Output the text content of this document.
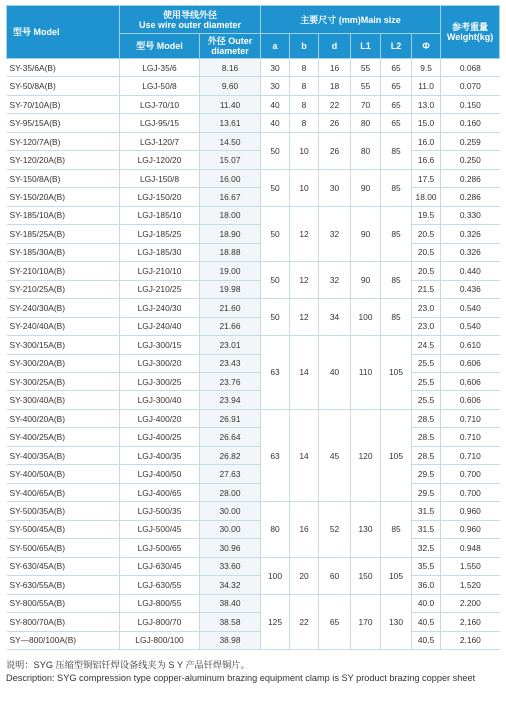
型号 Model	使用导线外径
Use wire outer diameter		主要尺寸 (mm)Main size						参考重量
Weight(kg)
	型号 Model	外径 Outer
diameter	a	b	d	L1	L2	Φ	
SY-35/6A(B)	LGJ-35/6	8.16	30	8	16	55	65	9.5	0.068
SY-50/8A(B)	LGJ-50/8	9.60	30	8	18	55	65	11.0	0.070
SY-70/10A(B)	LGJ-70/10	11.40	40	8	22	70	65	13.0	0.150
SY-95/15A(B)	LGJ-95/15	13.61	40	8	26	80	65	15.0	0.160
SY-120/7A(B)	LGJ-120/7	14.50	50	10	26	80	85	16.0	0.259
SY-120/20A(B)	LGJ-120/20	15.07						16.6	0.250
SY-150/8A(B)	LGJ-150/8	16.00	50	10	30	90	85	17.5	0.286
SY-150/20A(B)	LGJ-150/20	16.67						18.00	0.286
SY-185/10A(B)	LGJ-185/10	18.00	50	12	32	90	85	19.5	0.330
SY-185/25A(B)	LGJ-185/25	18.90						20.5	0.326
SY-185/30A(B)	LGJ-185/30	18.88						20.5	0.326
SY-210/10A(B)	LGJ-210/10	19.00	50	12	32	90	85	20.5	0.440
SY-210/25A(B)	LGJ-210/25	19.98						21.5	0.436
SY-240/30A(B)	LGJ-240/30	21.60	50	12	34	100	85	23.0	0.540
SY-240/40A(B)	LGJ-240/40	21.66						23.0	0.540
SY-300/15A(B)	LGJ-300/15	23.01	63	14	40	110	105	24.5	0.610
SY-300/20A(B)	LGJ-300/20	23.43						25.5	0.606
SY-300/25A(B)	LGJ-300/25	23.76						25.5	0.606
SY-300/40A(B)	LGJ-300/40	23.94						25.5	0.606
SY-400/20A(B)	LGJ-400/20	26.91	63	14	45	120	105	28.5	0.710
SY-400/25A(B)	LGJ-400/25	26.64						28.5	0.710
SY-400/35A(B)	LGJ-400/35	26.82						28.5	0.710
SY-400/50A(B)	LGJ-400/50	27.63						29.5	0.700
SY-400/65A(B)	LGJ-400/65	28.00						29.5	0.700
SY-500/35A(B)	LGJ-500/35	30.00	80	16	52	130	85	31.5	0.960
SY-500/45A(B)	LGJ-500/45	30.00						31.5	0.960
SY-500/65A(B)	LGJ-500/65	30.96						32.5	0.948
SY-630/45A(B)	LGJ-630/45	33.60	100	20	60	150	105	35.5	1.550
SY-630/55A(B)	LGJ-630/55	34.32						36.0	1.520
SY-800/55A(B)	LGJ-800/55	38.40	125	22	65	170	130	40.0	2.200
SY-800/70A(B)	LGJ-800/70	38.58						40.5	2.160
SY—800/100A(B)	LGJ-800/100	38.98						40.5	2.160
说明：SYG 压缩型铜铝钎焊设备线夹为 S Y 产品钎焊铜片。
Description: SYG compression type copper-aluminum brazing equipment clamp is SY product brazing copper sheet
